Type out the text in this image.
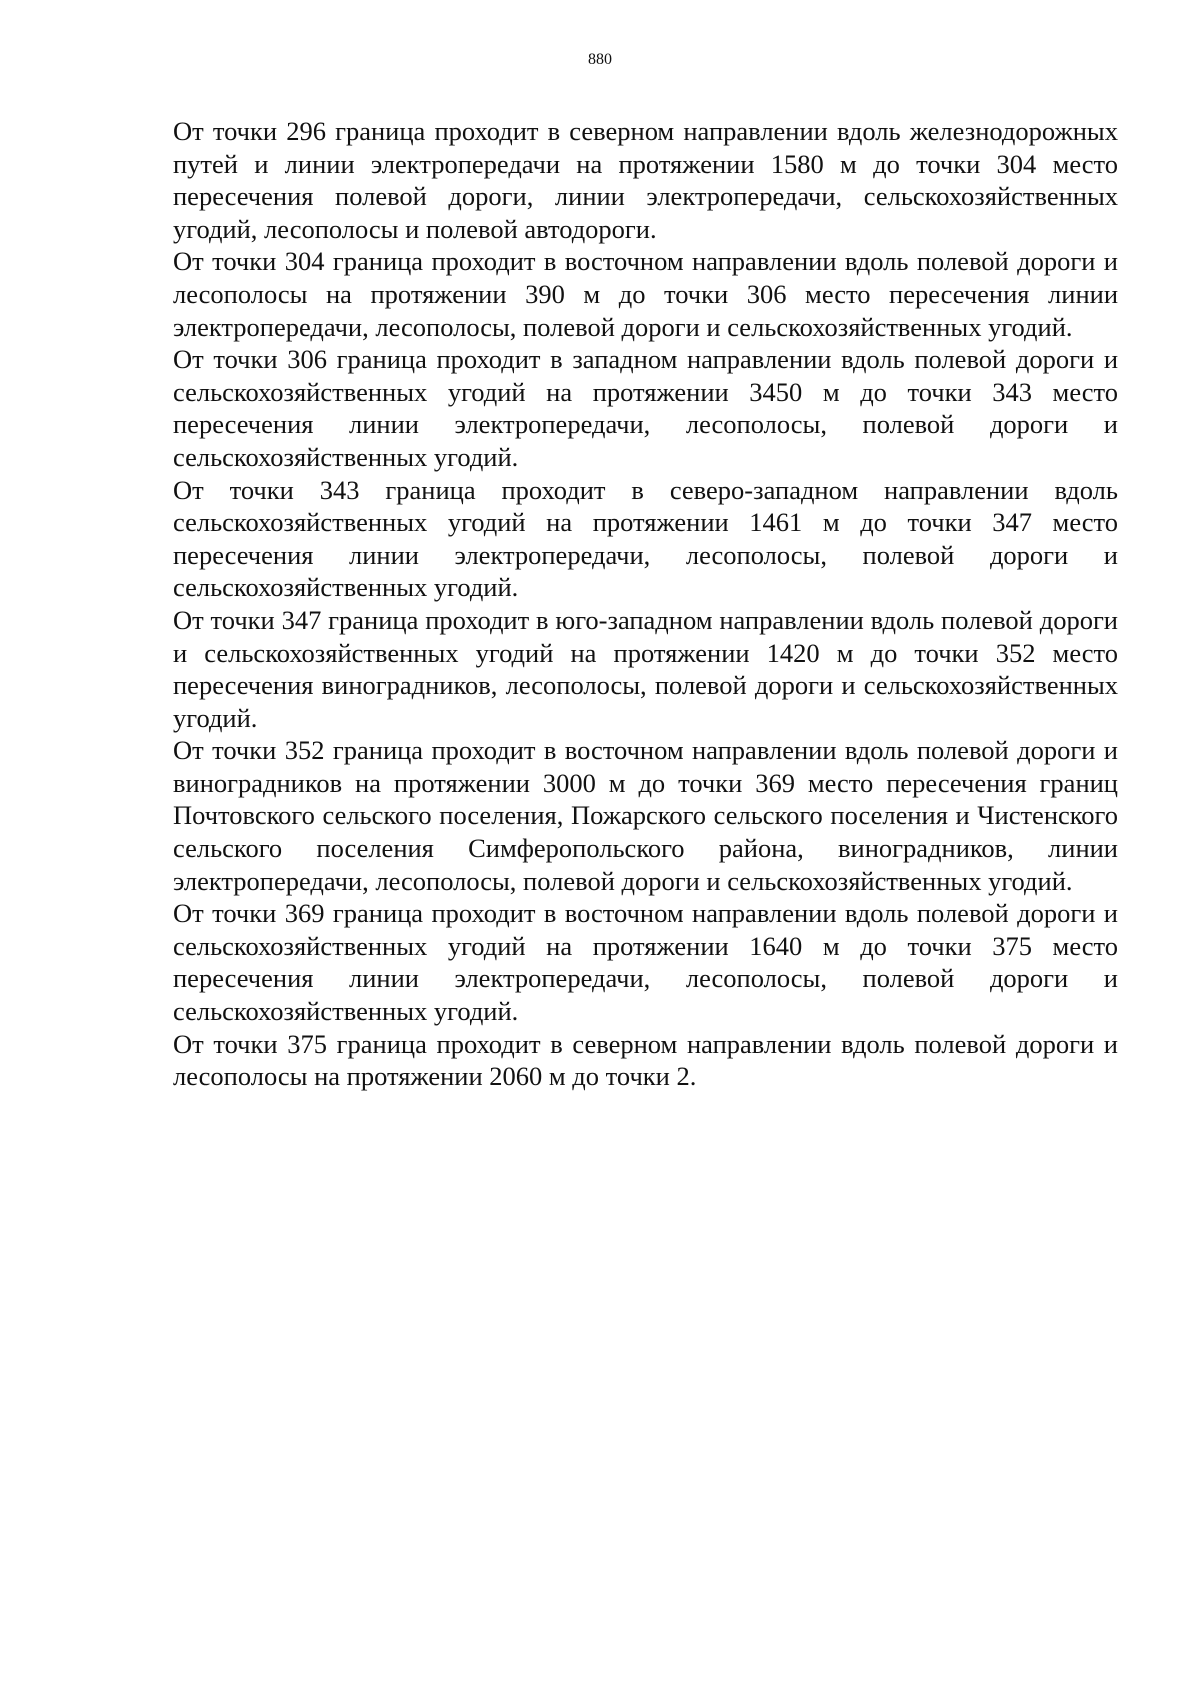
880

От точки 296 граница проходит в северном направлении вдоль железнодорожных путей и линии электропередачи на протяжении 1580 м до точки 304 место пересечения полевой дороги, линии электропередачи, сельскохозяйственных угодий, лесополосы и полевой автодороги.

От точки 304 граница проходит в восточном направлении вдоль полевой дороги и лесополосы на протяжении 390 м до точки 306 место пересечения линии электропередачи, лесополосы, полевой дороги и сельскохозяйственных угодий.

От точки 306 граница проходит в западном направлении вдоль полевой дороги и сельскохозяйственных угодий на протяжении 3450 м до точки 343 место пересечения линии электропередачи, лесополосы, полевой дороги и сельскохозяйственных угодий.

От точки 343 граница проходит в северо-западном направлении вдоль сельскохозяйственных угодий на протяжении 1461 м до точки 347 место пересечения линии электропередачи, лесополосы, полевой дороги и сельскохозяйственных угодий.

От точки 347 граница проходит в юго-западном направлении вдоль полевой дороги и сельскохозяйственных угодий на протяжении 1420 м до точки 352 место пересечения виноградников, лесополосы, полевой дороги и сельскохозяйственных угодий.

От точки 352 граница проходит в восточном направлении вдоль полевой дороги и виноградников на протяжении 3000 м до точки 369 место пересечения границ Почтовского сельского поселения, Пожарского сельского поселения и Чистенского сельского поселения Симферопольского района, виноградников, линии электропередачи, лесополосы, полевой дороги и сельскохозяйственных угодий.

От точки 369 граница проходит в восточном направлении вдоль полевой дороги и сельскохозяйственных угодий на протяжении 1640 м до точки 375 место пересечения линии электропередачи, лесополосы, полевой дороги и сельскохозяйственных угодий.

От точки 375 граница проходит в северном направлении вдоль полевой дороги и лесополосы на протяжении 2060 м до точки 2.
